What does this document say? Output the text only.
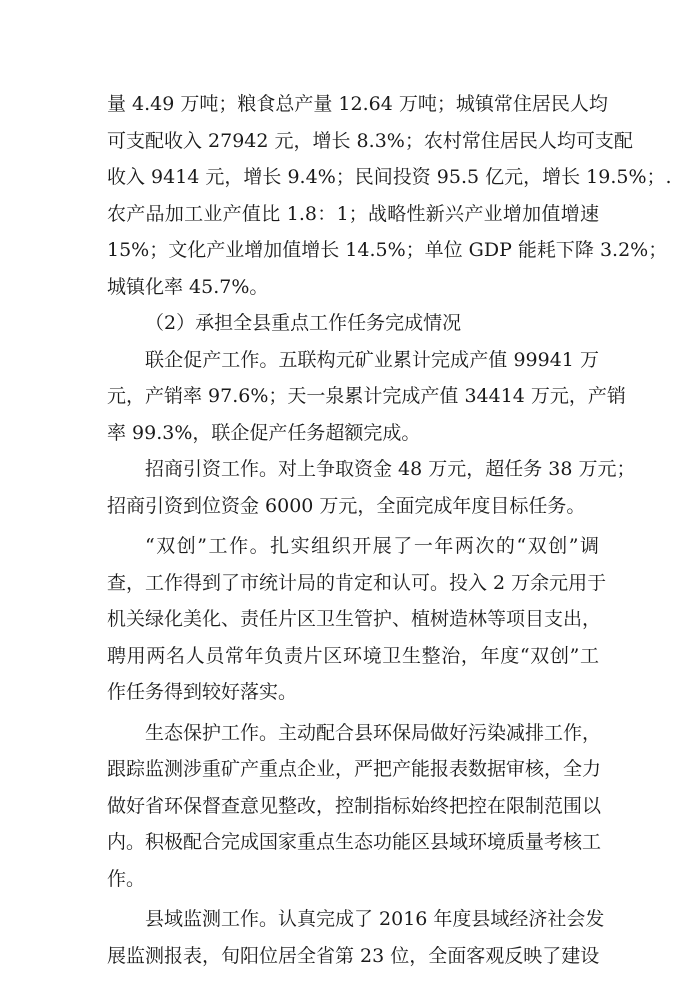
量 4.49 万吨；粮食总产量 12.64 万吨；城镇常住居民人均
可支配收入 27942 元，增长 8.3%；农村常住居民人均可支配
收入 9414 元，增长 9.4%；民间投资 95.5 亿元，增长 19.5%；.
农产品加工业产值比 1.8：1；战略性新兴产业增加值增速
15%；文化产业增加值增长 14.5%；单位 GDP 能耗下降 3.2%；
城镇化率 45.7%。
（2）承担全县重点工作任务完成情况
联企促产工作。五联构元矿业累计完成产值 99941 万
元，产销率 97.6%；天一泉累计完成产值 34414 万元，产销
率 99.3%，联企促产任务超额完成。
招商引资工作。对上争取资金 48 万元，超任务 38 万元；
招商引资到位资金 6000 万元，全面完成年度目标任务。
“双创”工作。扎实组织开展了一年两次的“双创”调
查，工作得到了市统计局的肯定和认可。投入 2 万余元用于
机关绿化美化、责任片区卫生管护、植树造林等项目支出，
聘用两名人员常年负责片区环境卫生整治，年度“双创”工
作任务得到较好落实。
生态保护工作。主动配合县环保局做好污染减排工作，
跟踪监测涉重矿产重点企业，严把产能报表数据审核，全力
做好省环保督查意见整改，控制指标始终把控在限制范围以
内。积极配合完成国家重点生态功能区县域环境质量考核工
作。
县域监测工作。认真完成了 2016 年度县域经济社会发
展监测报表，旬阳位居全省第 23 位，全面客观反映了建设
